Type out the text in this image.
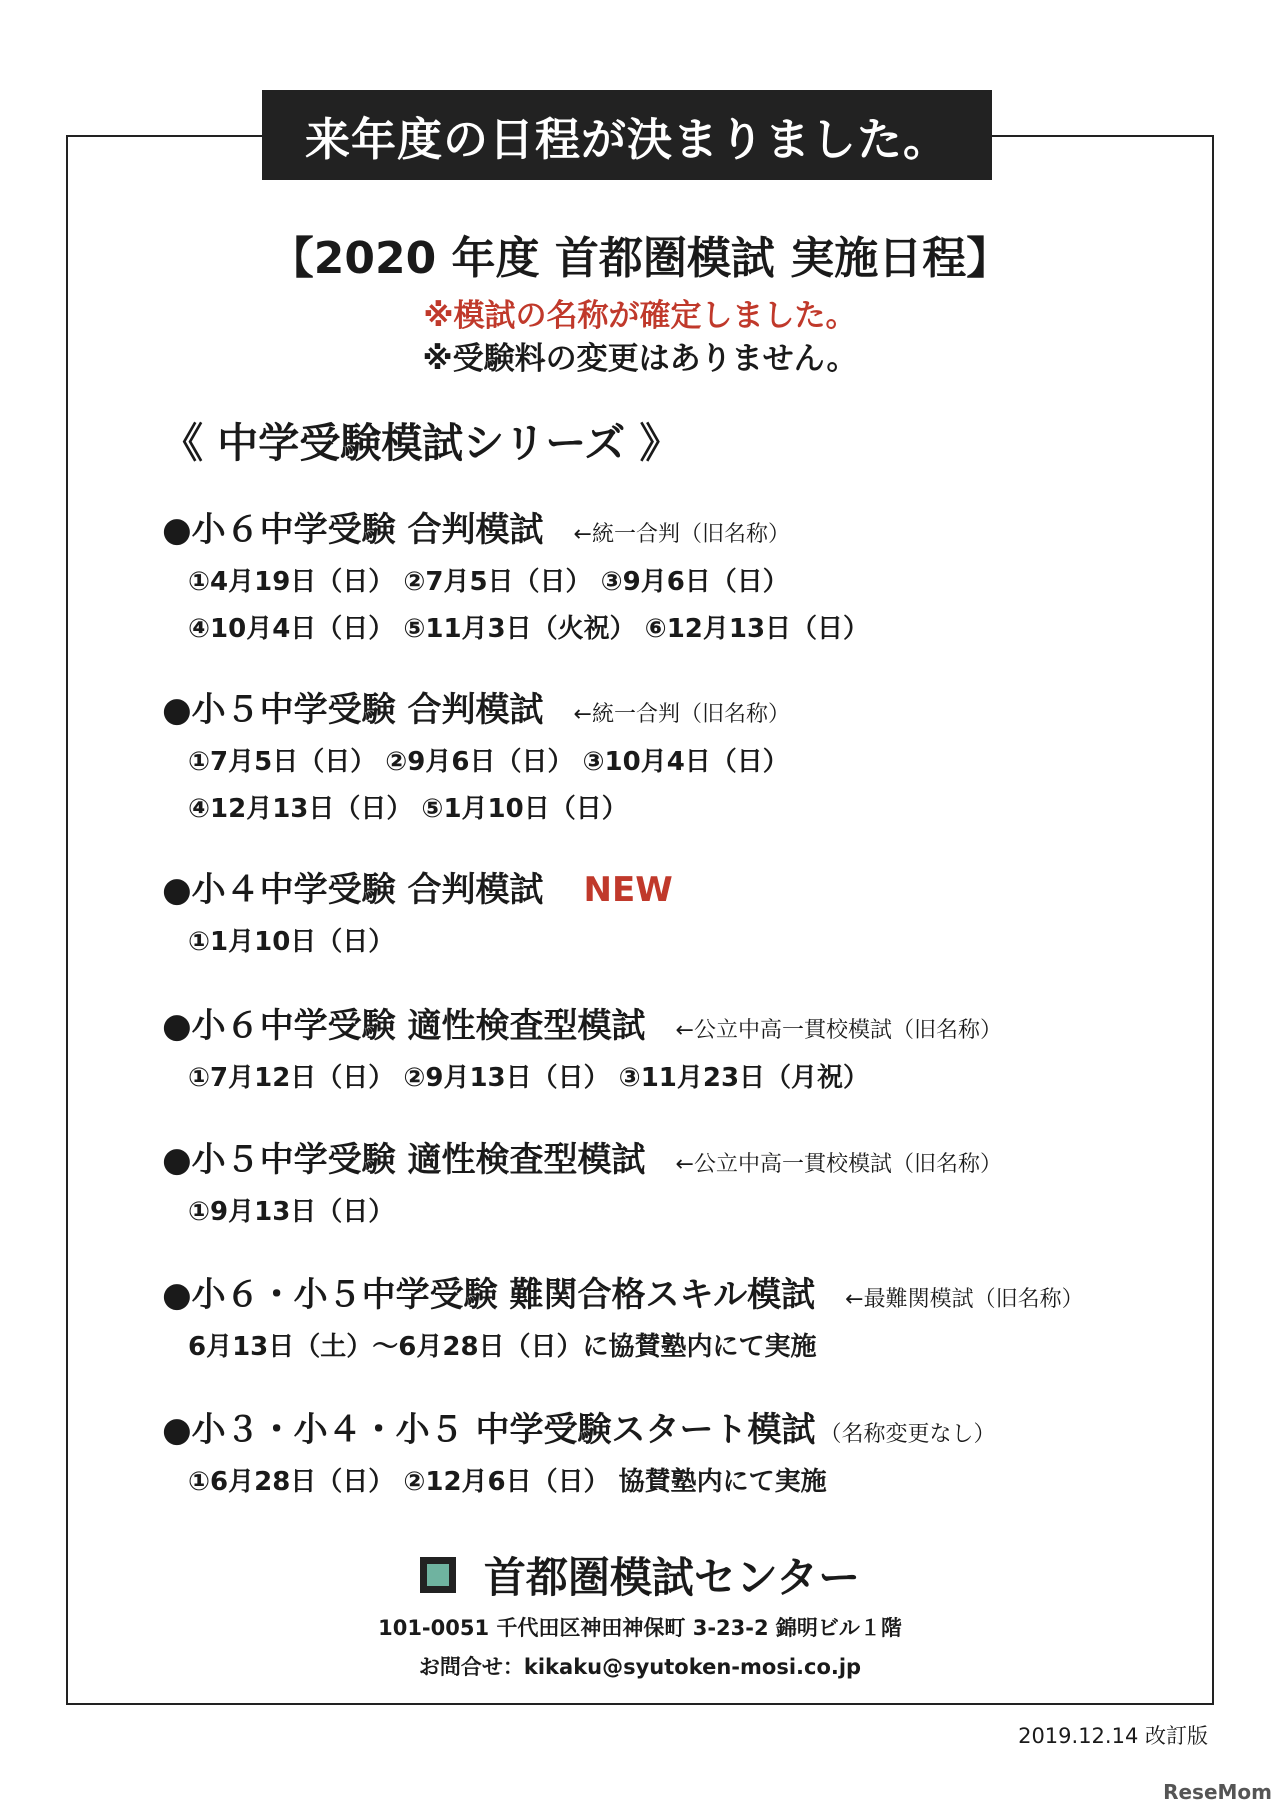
来年度の日程が決まりました。
【2020 年度 首都圏模試 実施日程】
※模試の名称が確定しました。
※受験料の変更はありません。
《 中学受験模試シリーズ 》
●小６中学受験 合判模試 ←統一合判（旧名称）
①4月19日（日） ②7月5日（日） ③9月6日（日）
④10月4日（日） ⑤11月3日（火祝） ⑥12月13日（日）
●小５中学受験 合判模試 ←統一合判（旧名称）
①7月5日（日） ②9月6日（日） ③10月4日（日）
④12月13日（日） ⑤1月10日（日）
●小４中学受験 合判模試 NEW
①1月10日（日）
●小６中学受験 適性検査型模試 ←公立中高一貫校模試（旧名称）
①7月12日（日） ②9月13日（日） ③11月23日（月祝）
●小５中学受験 適性検査型模試 ←公立中高一貫校模試（旧名称）
①9月13日（日）
●小６・小５中学受験 難関合格スキル模試 ←最難関模試（旧名称）
6月13日（土）～6月28日（日）に協賛塾内にて実施
●小３・小４・小５ 中学受験スタート模試 （名称変更なし）
①6月28日（日） ②12月6日（日） 協賛塾内にて実施
首都圏模試センター
101-0051 千代田区神田神保町 3-23-2 錦明ビル１階
お問合せ：kikaku@syutoken-mosi.co.jp
2019.12.14 改訂版
ReseMom
